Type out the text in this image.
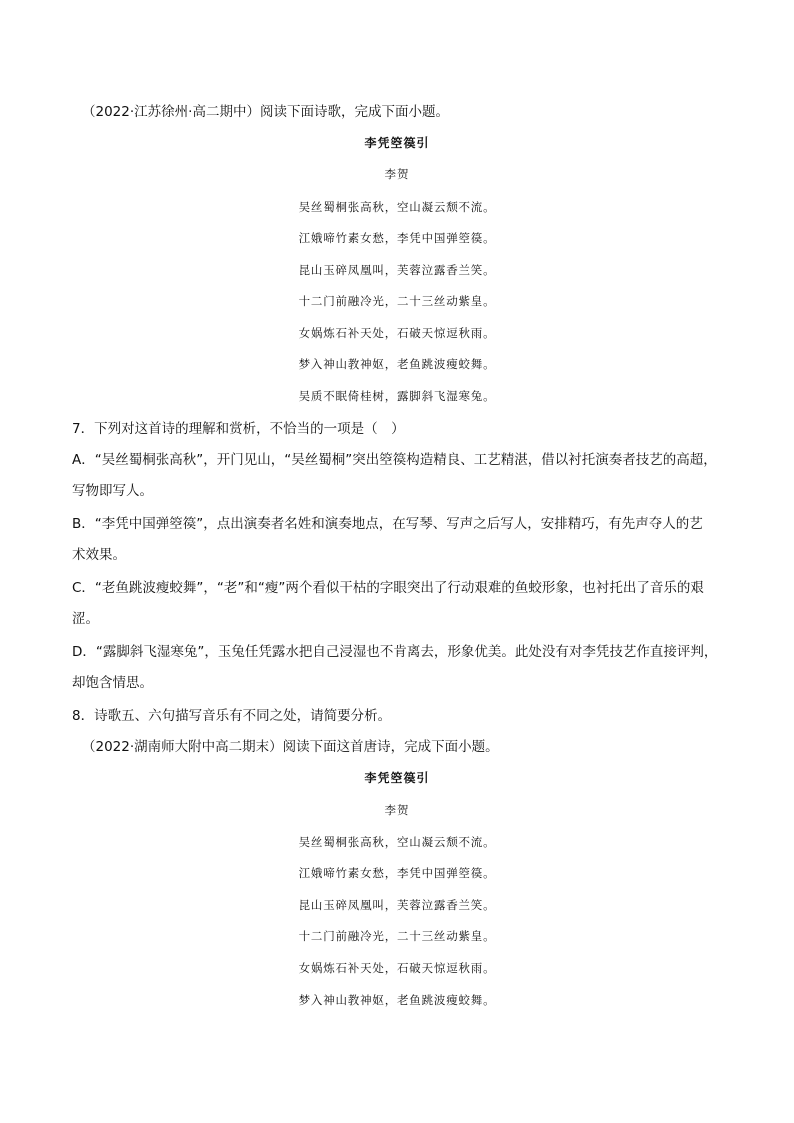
（2022·江苏徐州·高二期中）阅读下面诗歌，完成下面小题。
李凭箜篌引
李贺
吴丝蜀桐张高秋，空山凝云颓不流。
江娥啼竹素女愁，李凭中国弹箜篌。
昆山玉碎凤凰叫，芙蓉泣露香兰笑。
十二门前融冷光，二十三丝动紫皇。
女娲炼石补天处，石破天惊逗秋雨。
梦入神山教神妪，老鱼跳波瘦蛟舞。
吴质不眠倚桂树，露脚斜飞湿寒兔。
7．下列对这首诗的理解和赏析，不恰当的一项是（　）
A．“吴丝蜀桐张高秋”，开门见山，“吴丝蜀桐”突出箜篌构造精良、工艺精湛，借以衬托演奏者技艺的高超，
写物即写人。
B．“李凭中国弹箜篌”，点出演奏者名姓和演奏地点，在写琴、写声之后写人，安排精巧，有先声夺人的艺
术效果。
C．“老鱼跳波瘦蛟舞”，“老”和“瘦”两个看似干枯的字眼突出了行动艰难的鱼蛟形象，也衬托出了音乐的艰
涩。
D．“露脚斜飞湿寒兔”，玉兔任凭露水把自己浸湿也不肯离去，形象优美。此处没有对李凭技艺作直接评判，
却饱含情思。
8．诗歌五、六句描写音乐有不同之处，请简要分析。
（2022·湖南师大附中高二期末）阅读下面这首唐诗，完成下面小题。
李凭箜篌引
李贺
吴丝蜀桐张高秋，空山凝云颓不流。
江娥啼竹素女愁，李凭中国弹箜篌。
昆山玉碎凤凰叫，芙蓉泣露香兰笑。
十二门前融冷光，二十三丝动紫皇。
女娲炼石补天处，石破天惊逗秋雨。
梦入神山教神妪，老鱼跳波瘦蛟舞。
